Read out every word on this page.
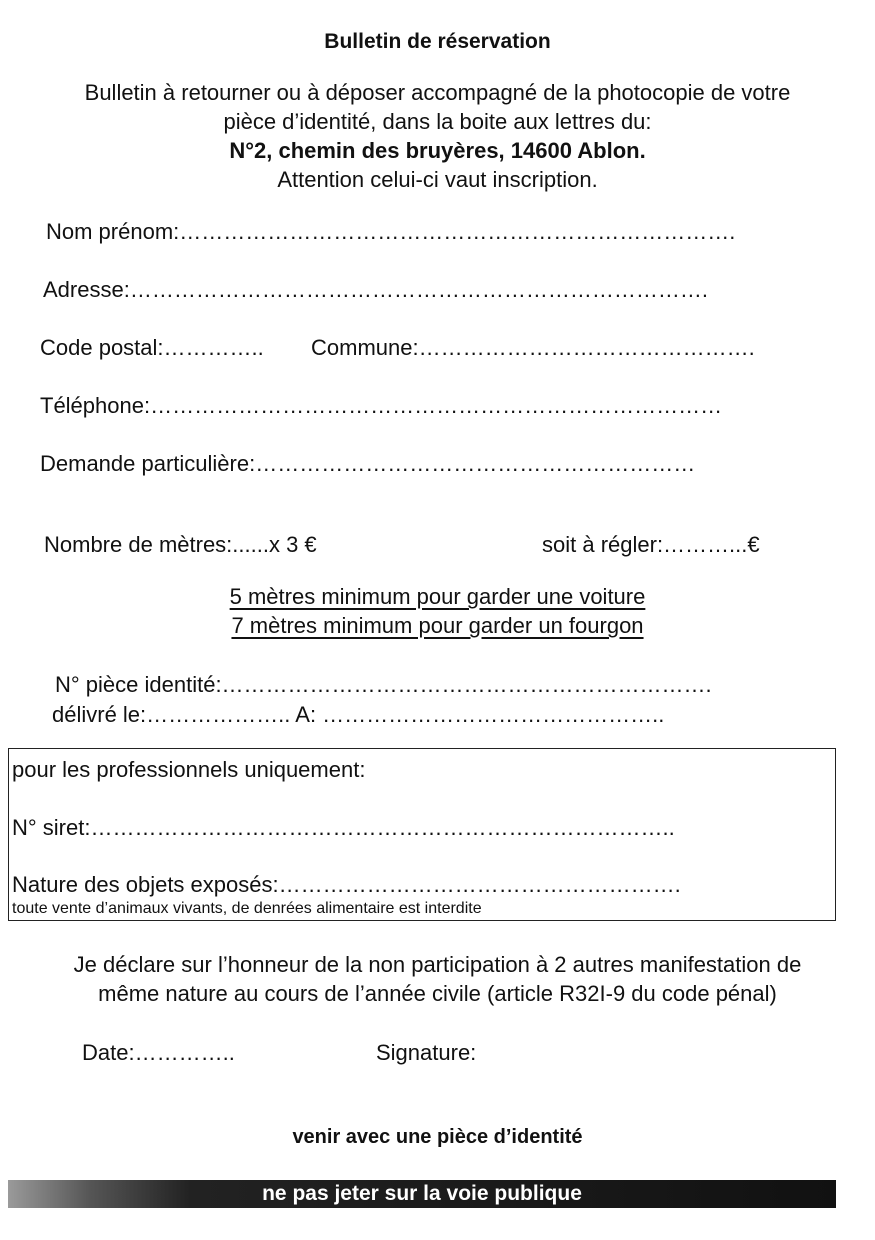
Bulletin de réservation
Bulletin à retourner ou à déposer accompagné de la photocopie de votre
pièce d’identité, dans la boite aux lettres du:
N°2, chemin des bruyères, 14600 Ablon.
Attention celui-ci vaut inscription.
Nom prénom:………………………………………………………………….
Adresse:…………………………………………………………………….
Code postal:………….. Commune:……………………………………….
Téléphone:……………………………………………………………………
Demande particulière:……………………………………………………
Nombre de mètres:......x 3 €	soit à régler:………...€
5 mètres minimum pour garder une voiture
7 mètres minimum pour garder un fourgon
N° pièce identité:………………………………………………………….
délivré le:……………….. A: ………………………………………..
pour les professionnels uniquement:
N° siret:……………………………………………………………………..
Nature des objets exposés:……………………………………………….
toute vente d’animaux vivants, de denrées alimentaire est interdite
Je déclare sur l’honneur de la non participation à 2 autres manifestation de
même nature au cours de l’année civile (article R32I-9 du code pénal)
Date:…………..	Signature:
venir avec une pièce d’identité
ne pas jeter sur la voie publique
